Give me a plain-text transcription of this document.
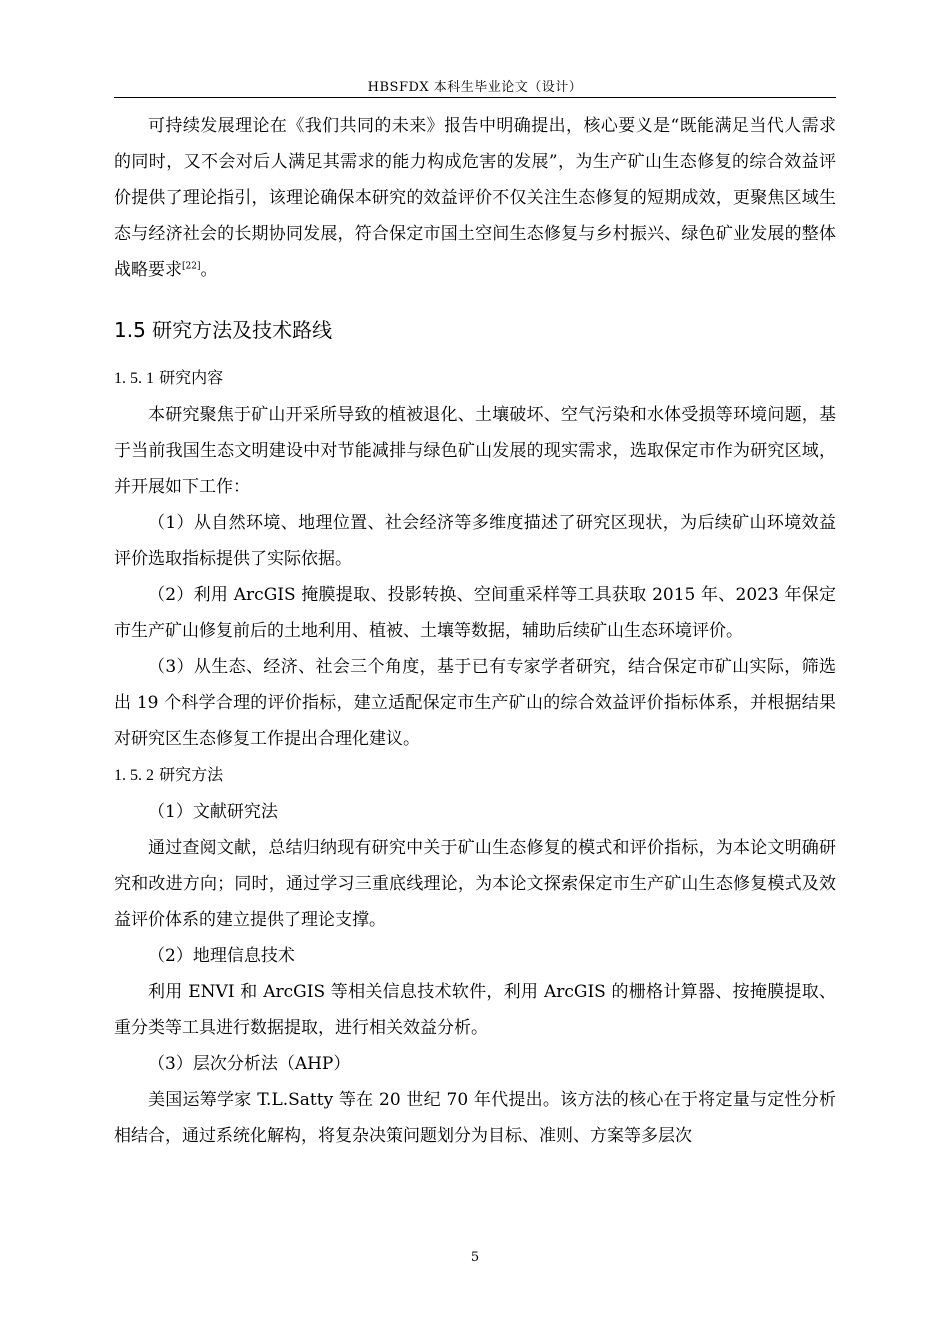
HBSFDX 本科生毕业论文（设计）

可持续发展理论在《我们共同的未来》报告中明确提出，核心要义是“既能满足当代人需求的同时，又不会对后人满足其需求的能力构成危害的发展”，为生产矿山生态修复的综合效益评价提供了理论指引，该理论确保本研究的效益评价不仅关注生态修复的短期成效，更聚焦区域生态与经济社会的长期协同发展，符合保定市国土空间生态修复与乡村振兴、绿色矿业发展的整体战略要求[22]。

1.5 研究方法及技术路线
1. 5. 1 研究内容

本研究聚焦于矿山开采所导致的植被退化、土壤破坏、空气污染和水体受损等环境问题，基于当前我国生态文明建设中对节能减排与绿色矿山发展的现实需求，选取保定市作为研究区域，并开展如下工作：

（1）从自然环境、地理位置、社会经济等多维度描述了研究区现状，为后续矿山环境效益评价选取指标提供了实际依据。

（2）利用 ArcGIS 掩膜提取、投影转换、空间重采样等工具获取 2015 年、2023 年保定市生产矿山修复前后的土地利用、植被、土壤等数据，辅助后续矿山生态环境评价。

（3）从生态、经济、社会三个角度，基于已有专家学者研究，结合保定市矿山实际，筛选出 19 个科学合理的评价指标，建立适配保定市生产矿山的综合效益评价指标体系，并根据结果对研究区生态修复工作提出合理化建议。

1. 5. 2 研究方法

（1）文献研究法

通过查阅文献，总结归纳现有研究中关于矿山生态修复的模式和评价指标，为本论文明确研究和改进方向；同时，通过学习三重底线理论，为本论文探索保定市生产矿山生态修复模式及效益评价体系的建立提供了理论支撑。

（2）地理信息技术

利用 ENVI 和 ArcGIS 等相关信息技术软件，利用 ArcGIS 的栅格计算器、按掩膜提取、重分类等工具进行数据提取，进行相关效益分析。

（3）层次分析法（AHP）

美国运筹学家 T.L.Satty 等在 20 世纪 70 年代提出。该方法的核心在于将定量与定性分析相结合，通过系统化解构，将复杂决策问题划分为目标、准则、方案等多层次

5
